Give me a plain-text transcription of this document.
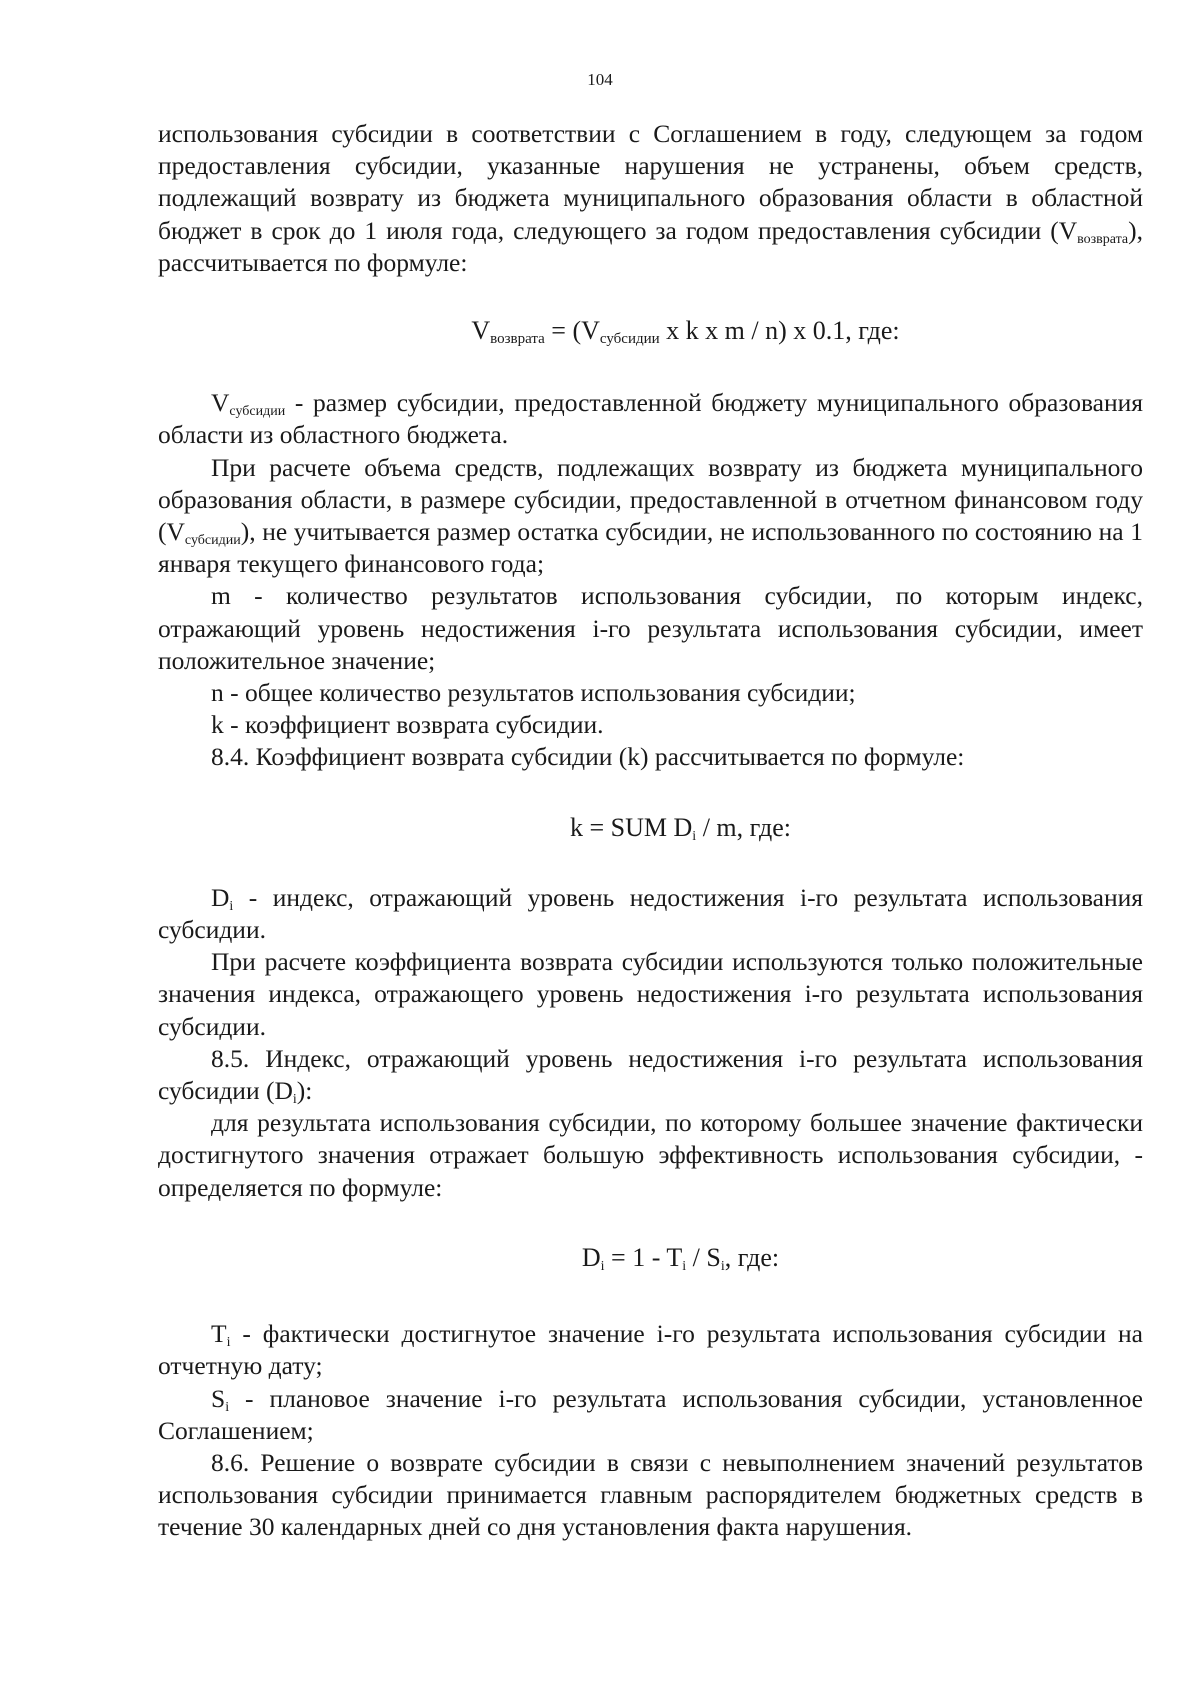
104

использования субсидии в соответствии с Соглашением в году, следующем за годом предоставления субсидии, указанные нарушения не устранены, объем средств, подлежащий возврату из бюджета муниципального образования области в областной бюджет в срок до 1 июля года, следующего за годом предоставления субсидии $(V_{возврата})$, рассчитывается по формуле:

$V_{возврата} = (V_{субсидии}$ x k x m / n) x 0.1, где:

$V_{субсидии}$ - размер субсидии, предоставленной бюджету муниципального образования области из областного бюджета.

При расчете объема средств, подлежащих возврату из бюджета муниципального образования области, в размере субсидии, предоставленной в отчетном финансовом году $(V_{субсидии})$, не учитывается размер остатка субсидии, не использованного по состоянию на 1 января текущего финансового года;

m - количество результатов использования субсидии, по которым индекс, отражающий уровень недостижения i-го результата использования субсидии, имеет положительное значение;

n - общее количество результатов использования субсидии;

k - коэффициент возврата субсидии.

8.4. Коэффициент возврата субсидии (k) рассчитывается по формуле:

k = SUM $D_i$ / m, где:

$D_i$ - индекс, отражающий уровень недостижения i-го результата использования субсидии.

При расчете коэффициента возврата субсидии используются только положительные значения индекса, отражающего уровень недостижения i-го результата использования субсидии.

8.5. Индекс, отражающий уровень недостижения i-го результата использования субсидии $(D_i)$:

для результата использования субсидии, по которому большее значение фактически достигнутого значения отражает большую эффективность использования субсидии, - определяется по формуле:

$D_i = 1 - T_i / S_i$, где:

$T_i$ - фактически достигнутое значение i-го результата использования субсидии на отчетную дату;

$S_i$ - плановое значение i-го результата использования субсидии, установленное Соглашением;

8.6. Решение о возврате субсидии в связи с невыполнением значений результатов использования субсидии принимается главным распорядителем бюджетных средств в течение 30 календарных дней со дня установления факта нарушения.
